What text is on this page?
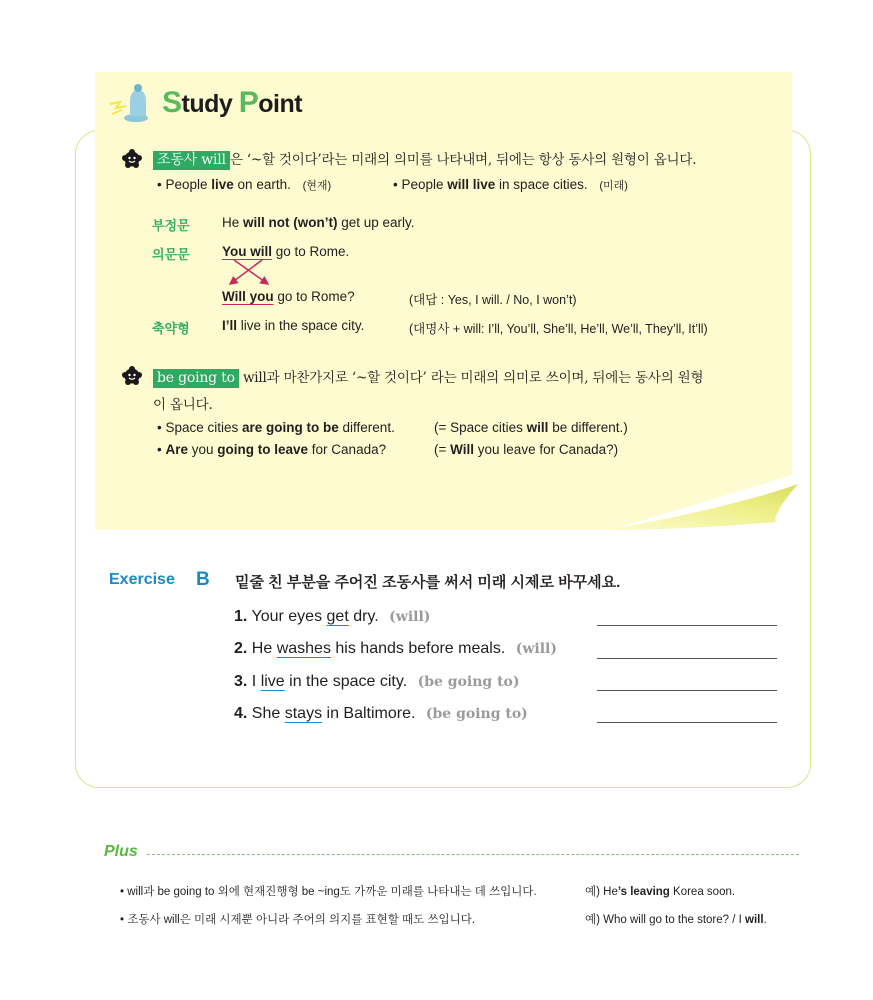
Study Point
조동사 will 은 ‘~할 것이다’라는 미래의 의미를 나타내며, 뒤에는 항상 동사의 원형이 옵니다.
• People live on earth. (현재)	• People will live in space cities. (미래)
부정문 He will not (won’t) get up early.
의문문 You will go to Rome.
Will you go to Rome?	(대답 : Yes, I will. / No, I won’t)
축약형 I’ll live in the space city.	(대명사 + will: I’ll, You’ll, She’ll, He’ll, We’ll, They’ll, It’ll)
be going to will과 마찬가지로 ‘~할 것이다’ 라는 미래의 의미로 쓰이며, 뒤에는 동사의 원형
이 옵니다.
• Space cities are going to be different.	(= Space cities will be different.)
• Are you going to leave for Canada?	(= Will you leave for Canada?)
Exercise B 밑줄 친 부분을 주어진 조동사를 써서 미래 시제로 바꾸세요.
1. Your eyes get dry. (will)
2. He washes his hands before meals. (will)
3. I live in the space city. (be going to)
4. She stays in Baltimore. (be going to)
Plus
• will과 be going to 외에 현재진행형 be ~ing도 가까운 미래를 나타내는 데 쓰입니다.	예) He’s leaving Korea soon.
• 조동사 will은 미래 시제뿐 아니라 주어의 의지를 표현할 때도 쓰입니다.	예) Who will go to the store? / I will.
